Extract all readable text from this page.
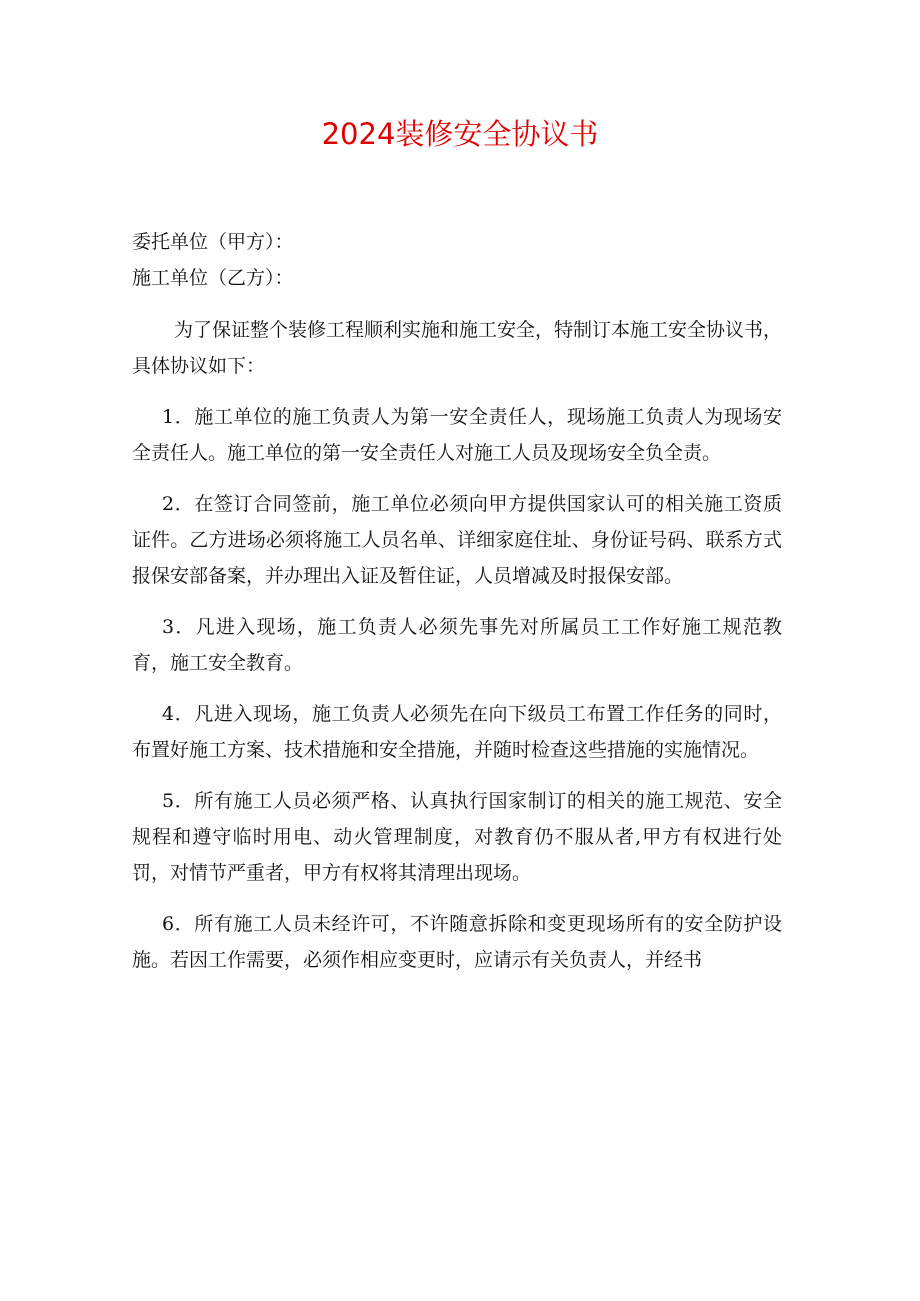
2024装修安全协议书

委托单位（甲方）：

施工单位（乙方）：

为了保证整个装修工程顺利实施和施工安全，特制订本施工安全协议书，具体协议如下：

1．施工单位的施工负责人为第一安全责任人，现场施工负责人为现场安全责任人。施工单位的第一安全责任人对施工人员及现场安全负全责。

2．在签订合同签前，施工单位必须向甲方提供国家认可的相关施工资质证件。乙方进场必须将施工人员名单、详细家庭住址、身份证号码、联系方式报保安部备案，并办理出入证及暂住证，人员增减及时报保安部。

3．凡进入现场，施工负责人必须先事先对所属员工工作好施工规范教育，施工安全教育。

4．凡进入现场，施工负责人必须先在向下级员工布置工作任务的同时，布置好施工方案、技术措施和安全措施，并随时检查这些措施的实施情况。

5．所有施工人员必须严格、认真执行国家制订的相关的施工规范、安全规程和遵守临时用电、动火管理制度，对教育仍不服从者,甲方有权进行处罚，对情节严重者，甲方有权将其清理出现场。

6．所有施工人员未经许可，不许随意拆除和变更现场所有的安全防护设施。若因工作需要，必须作相应变更时，应请示有关负责人，并经书
